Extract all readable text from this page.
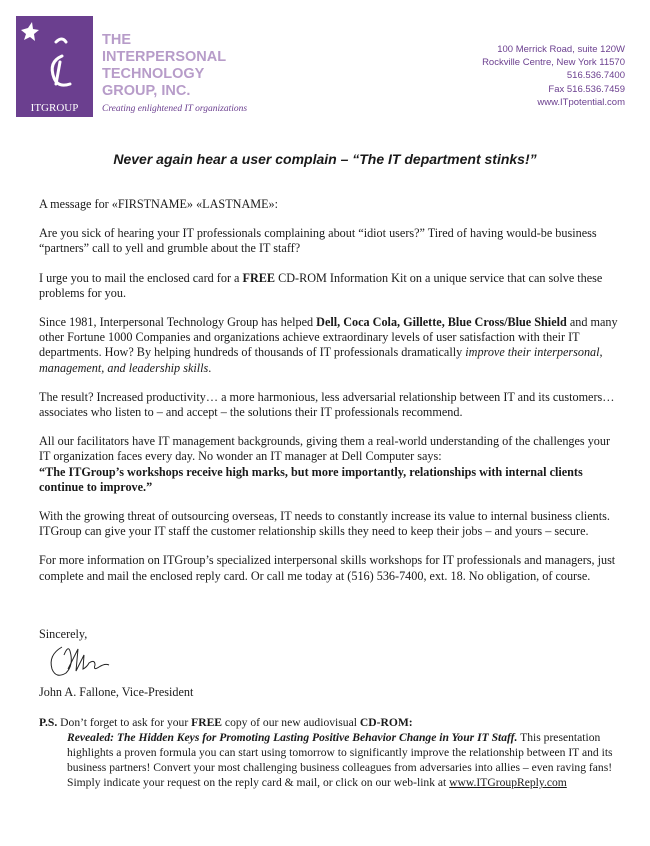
ITGROUP
THE
INTERPERSONAL
TECHNOLOGY
GROUP, INC.
Creating enlightened IT organizations
100 Merrick Road, suite 120W
Rockville Centre, New York 11570
516.536.7400
Fax 516.536.7459
www.ITpotential.com
Never again hear a user complain – “The IT department stinks!”

A message for «FIRSTNAME» «LASTNAME»:

Are you sick of hearing your IT professionals complaining about “idiot users?” Tired of having would-be business “partners” call to yell and grumble about the IT staff?

I urge you to mail the enclosed card for a FREE CD-ROM Information Kit on a unique service that can solve these problems for you.

Since 1981, Interpersonal Technology Group has helped Dell, Coca Cola, Gillette, Blue Cross/Blue Shield and many other Fortune 1000 Companies and organizations achieve extraordinary levels of user satisfaction with their IT departments. How? By helping hundreds of thousands of IT professionals dramatically improve their interpersonal, management, and leadership skills.

The result? Increased productivity… a more harmonious, less adversarial relationship between IT and its customers… associates who listen to – and accept – the solutions their IT professionals recommend.

All our facilitators have IT management backgrounds, giving them a real-world understanding of the challenges your IT organization faces every day. No wonder an IT manager at Dell Computer says:
“The ITGroup’s workshops receive high marks, but more importantly, relationships with internal clients continue to improve.”

With the growing threat of outsourcing overseas, IT needs to constantly increase its value to internal business clients. ITGroup can give your IT staff the customer relationship skills they need to keep their jobs – and yours – secure.

For more information on ITGroup’s specialized interpersonal skills workshops for IT professionals and managers, just complete and mail the enclosed reply card. Or call me today at (516) 536-7400, ext. 18. No obligation, of course.

Sincerely,
John A. Fallone, Vice-President
P.S. Don’t forget to ask for your FREE copy of our new audiovisual CD-ROM:
Revealed: The Hidden Keys for Promoting Lasting Positive Behavior Change in Your IT Staff. This presentation highlights a proven formula you can start using tomorrow to significantly improve the relationship between IT and its business partners! Convert your most challenging business colleagues from adversaries into allies – even raving fans! Simply indicate your request on the reply card & mail, or click on our web-link at www.ITGroupReply.com
